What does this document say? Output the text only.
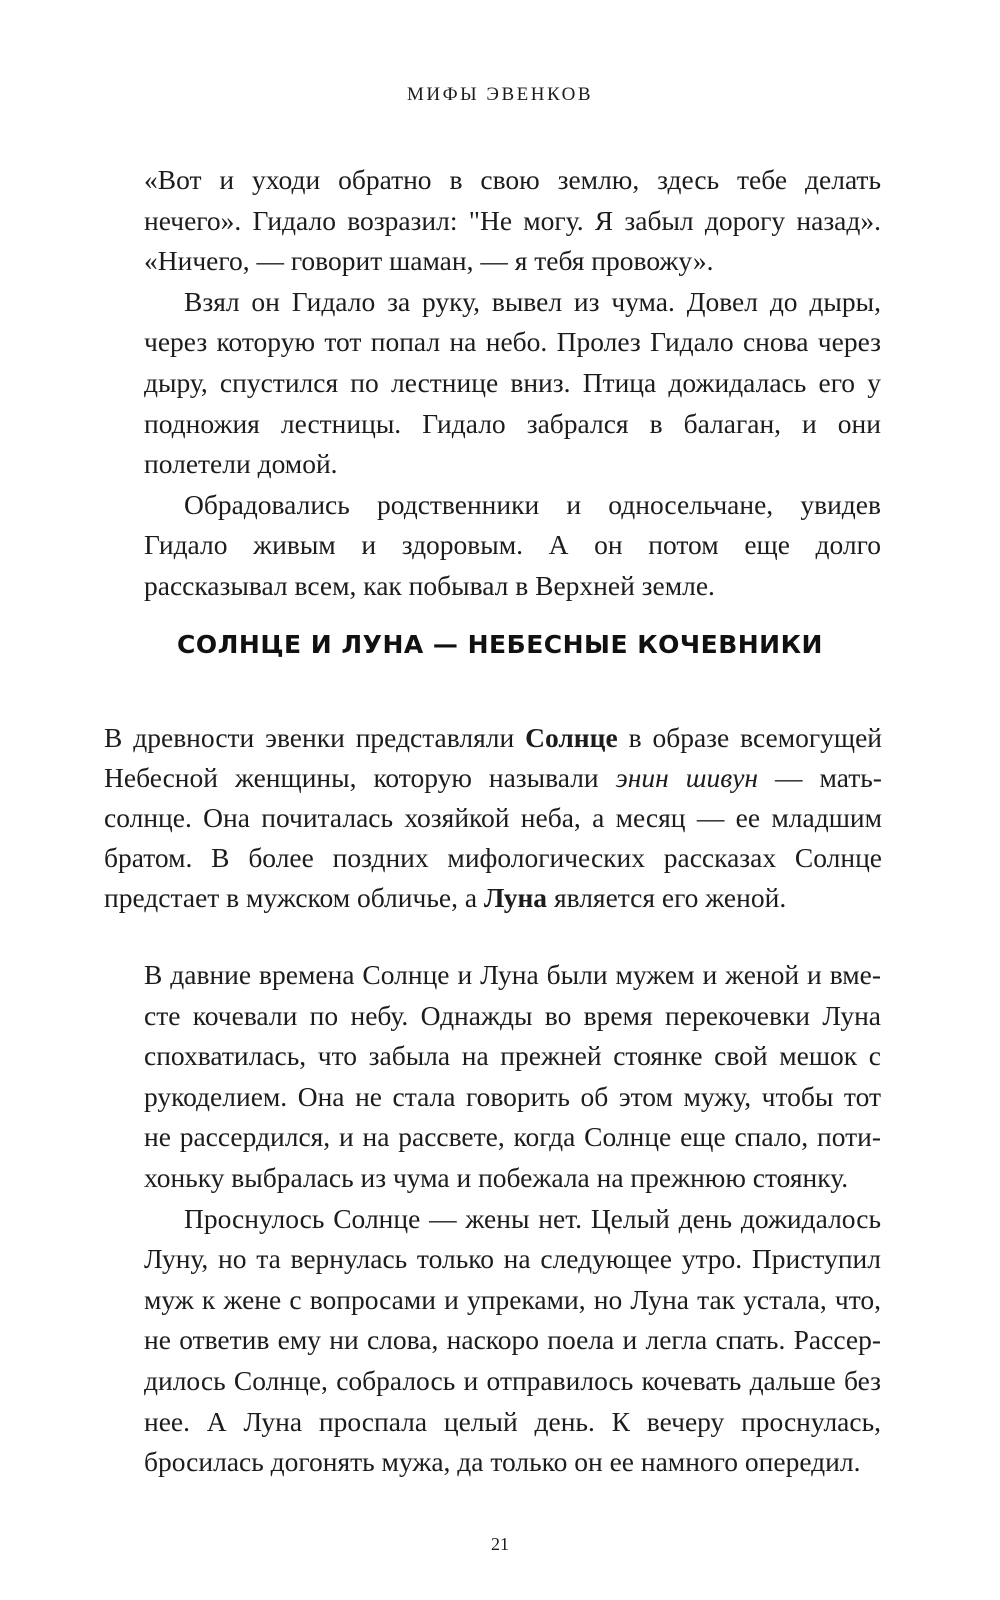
МИФЫ ЭВЕНКОВ

«Вот и уходи обратно в свою землю, здесь тебе делать нечего». Гидало возразил: "Не могу. Я забыл дорогу назад». «Ничего, — говорит шаман, — я тебя провожу».

Взял он Гидало за руку, вывел из чума. Довел до дыры, через которую тот попал на небо. Пролез Гидало снова через дыру, спустился по лестнице вниз. Птица дожидалась его у подножия лестницы. Гидало забрался в балаган, и они полетели домой.

Обрадовались родственники и односельчане, увидев Гидало живым и здоровым. А он потом еще долго рассказывал всем, как побывал в Верхней земле.

СОЛНЦЕ И ЛУНА — НЕБЕСНЫЕ КОЧЕВНИКИ

В древности эвенки представляли Солнце в образе всемогущей Небесной женщины, которую называли энин шивун — мать-солнце. Она почиталась хозяйкой неба, а месяц — ее младшим братом. В более поздних мифологических рассказах Солнце предстает в мужском обличье, а Луна является его женой.

В давние времена Солнце и Луна были мужем и женой и вместе кочевали по небу. Однажды во время перекочевки Луна спохватилась, что забыла на прежней стоянке свой мешок с рукоделием. Она не стала говорить об этом мужу, чтобы тот не рассердился, и на рассвете, когда Солнце еще спало, потихоньку выбралась из чума и побежала на прежнюю стоянку.

Проснулось Солнце — жены нет. Целый день дожидалось Луну, но та вернулась только на следующее утро. Приступил муж к жене с вопросами и упреками, но Луна так устала, что, не ответив ему ни слова, наскоро поела и легла спать. Рассердилось Солнце, собралось и отправилось кочевать дальше без нее. А Луна проспала целый день. К вечеру проснулась, бросилась догонять мужа, да только он ее намного опередил.

21
